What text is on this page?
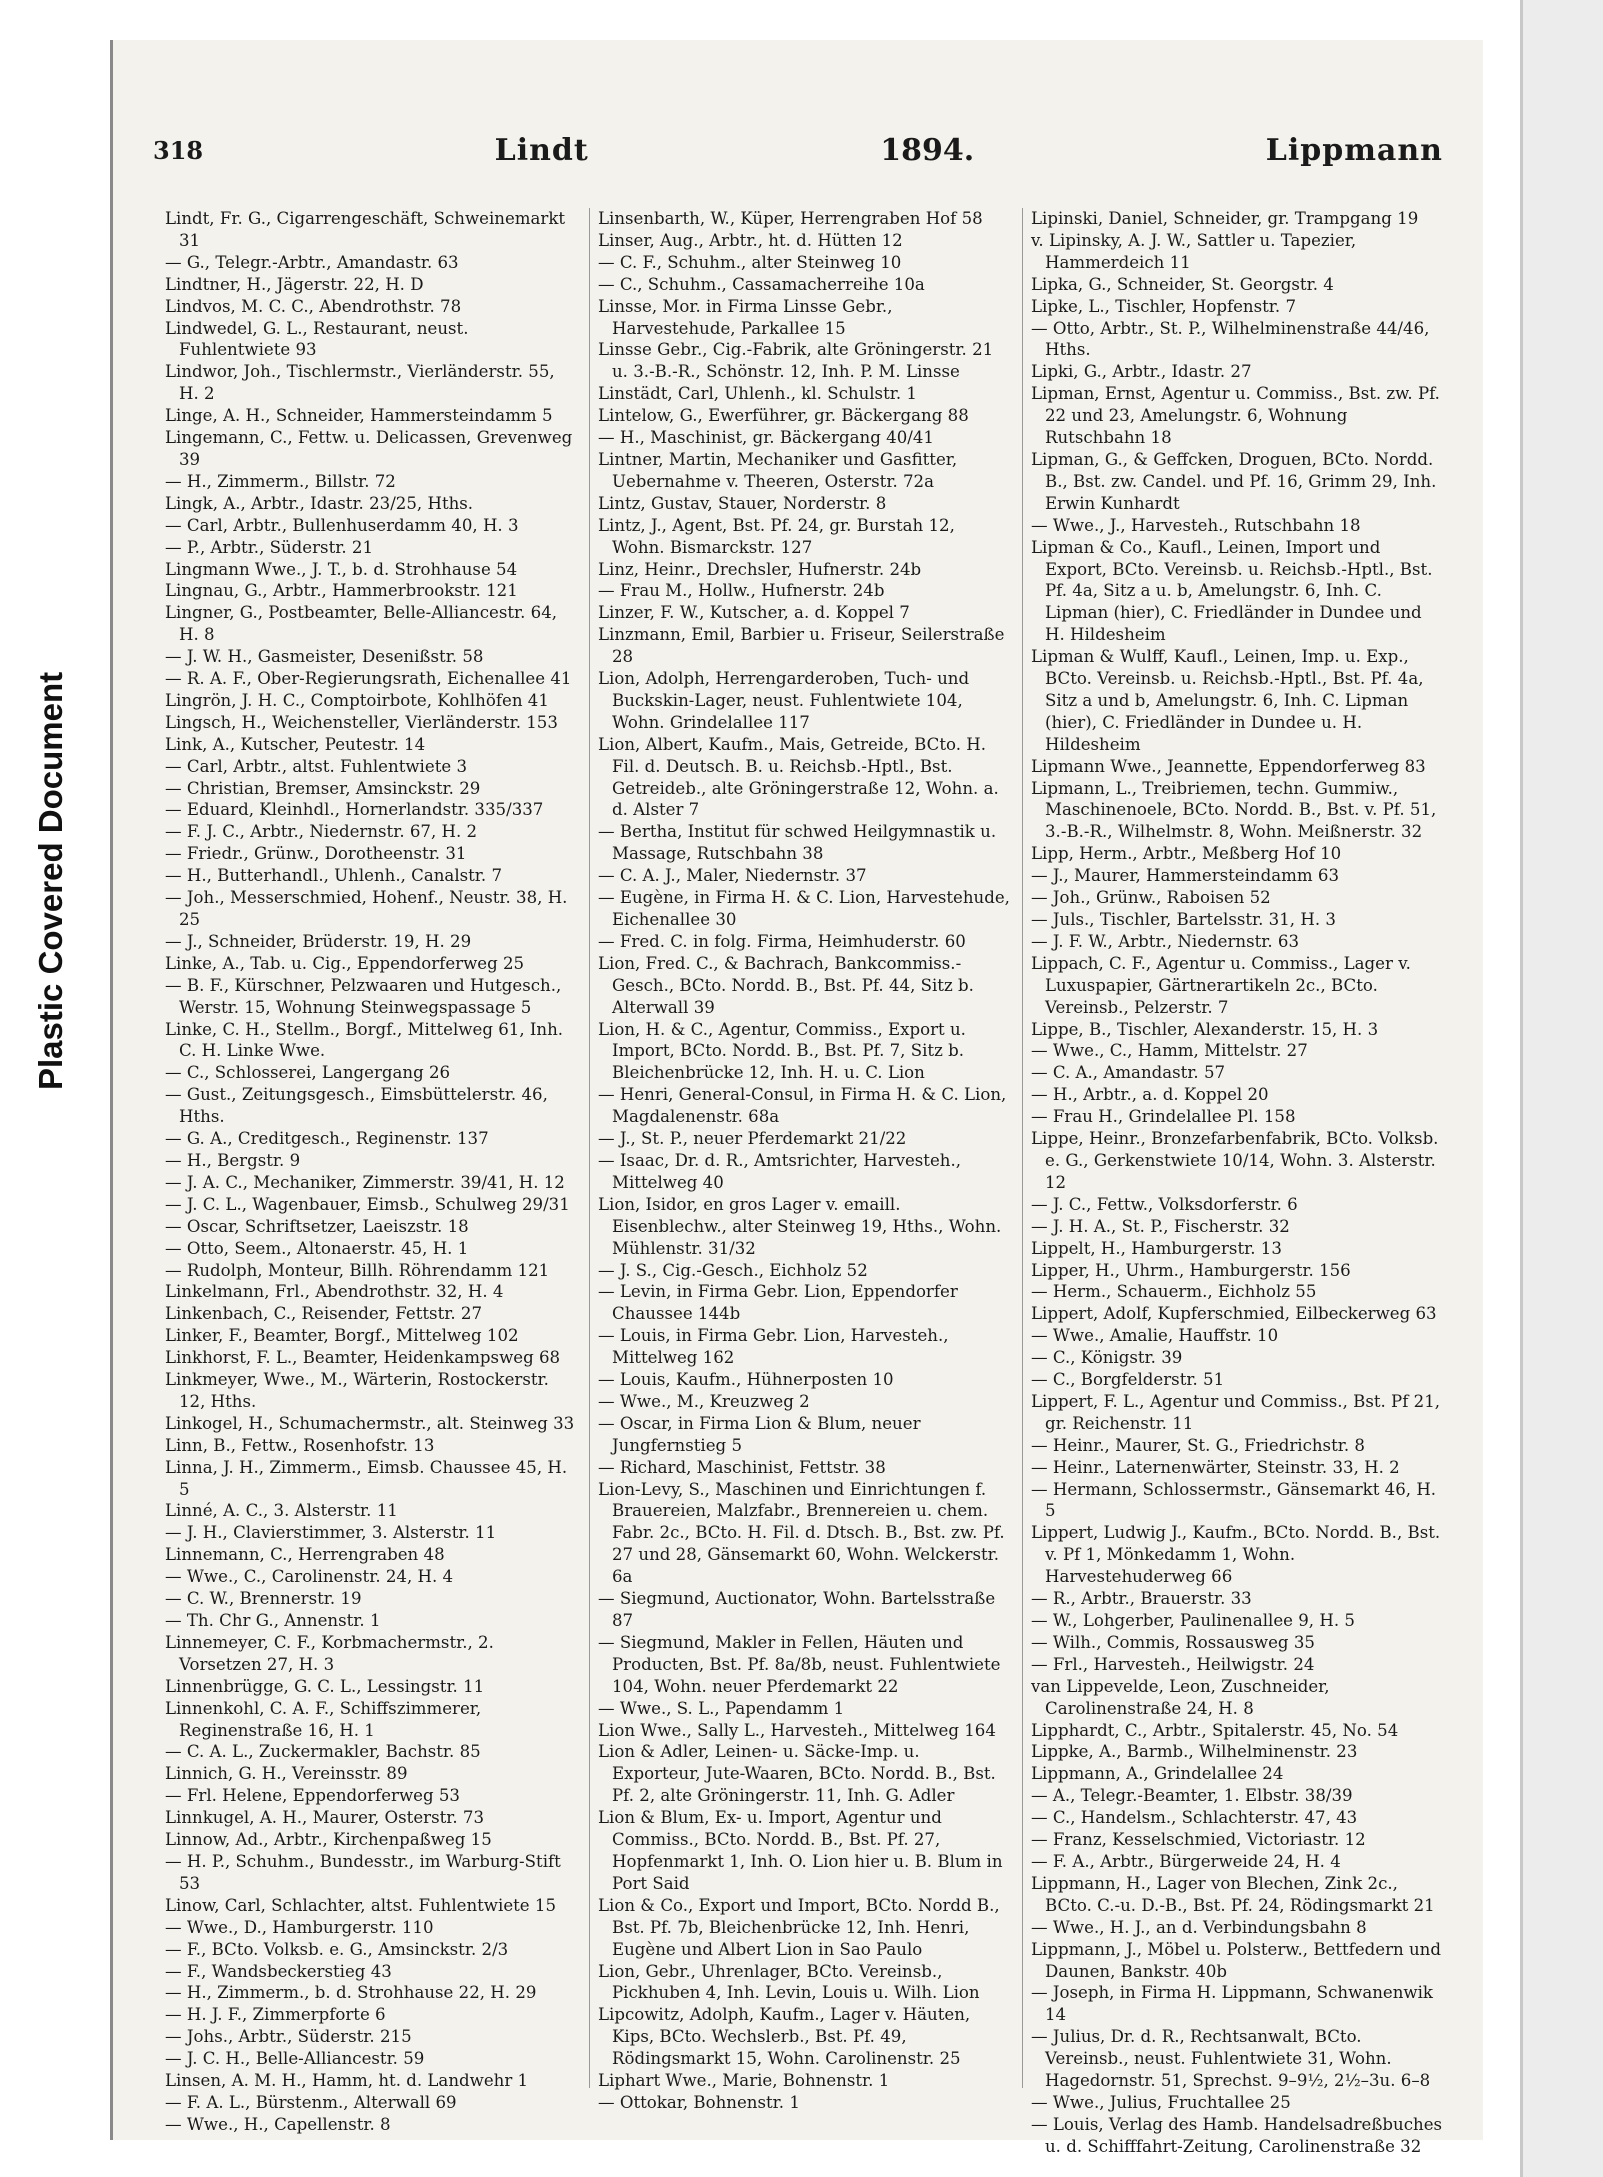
Plastic Covered Document
318	Lindt	1894.	Lippmann

Lindt, Fr. G., Cigarrengeschäft, Schweinemarkt 31

— G., Telegr.-Arbtr., Amandastr. 63

Lindtner, H., Jägerstr. 22, H. D

Lindvos, M. C. C., Abendrothstr. 78

Lindwedel, G. L., Restaurant, neust. Fuhlentwiete 93

Lindwor, Joh., Tischlermstr., Vierländerstr. 55, H. 2

Linge, A. H., Schneider, Hammersteindamm 5

Lingemann, C., Fettw. u. Delicassen, Grevenweg 39

— H., Zimmerm., Billstr. 72

Lingk, A., Arbtr., Idastr. 23/25, Hths.

— Carl, Arbtr., Bullenhuserdamm 40, H. 3

— P., Arbtr., Süderstr. 21

Lingmann Wwe., J. T., b. d. Strohhause 54

Lingnau, G., Arbtr., Hammerbrookstr. 121

Lingner, G., Postbeamter, Belle-Alliancestr. 64, H. 8

— J. W. H., Gasmeister, Desenißstr. 58

— R. A. F., Ober-Regierungsrath, Eichenallee 41

Lingrön, J. H. C., Comptoirbote, Kohlhöfen 41

Lingsch, H., Weichensteller, Vierländerstr. 153

Link, A., Kutscher, Peutestr. 14

— Carl, Arbtr., altst. Fuhlentwiete 3

— Christian, Bremser, Amsinckstr. 29

— Eduard, Kleinhdl., Hornerlandstr. 335/337

— F. J. C., Arbtr., Niedernstr. 67, H. 2

— Friedr., Grünw., Dorotheenstr. 31

— H., Butterhandl., Uhlenh., Canalstr. 7

— Joh., Messerschmied, Hohenf., Neustr. 38, H. 25

— J., Schneider, Brüderstr. 19, H. 29

Linke, A., Tab. u. Cig., Eppendorferweg 25

— B. F., Kürschner, Pelzwaaren und Hutgesch., Werstr. 15, Wohnung Steinwegspassage 5

Linke, C. H., Stellm., Borgf., Mittelweg 61, Inh. C. H. Linke Wwe.

— C., Schlosserei, Langergang 26

— Gust., Zeitungsgesch., Eimsbüttelerstr. 46, Hths.

— G. A., Creditgesch., Reginenstr. 137

— H., Bergstr. 9

— J. A. C., Mechaniker, Zimmerstr. 39/41, H. 12

— J. C. L., Wagenbauer, Eimsb., Schulweg 29/31

— Oscar, Schriftsetzer, Laeiszstr. 18

— Otto, Seem., Altonaerstr. 45, H. 1

— Rudolph, Monteur, Billh. Röhrendamm 121

Linkelmann, Frl., Abendrothstr. 32, H. 4

Linkenbach, C., Reisender, Fettstr. 27

Linker, F., Beamter, Borgf., Mittelweg 102

Linkhorst, F. L., Beamter, Heidenkampsweg 68

Linkmeyer, Wwe., M., Wärterin, Rostockerstr. 12, Hths.

Linkogel, H., Schumachermstr., alt. Steinweg 33

Linn, B., Fettw., Rosenhofstr. 13

Linna, J. H., Zimmerm., Eimsb. Chaussee 45, H. 5

Linné, A. C., 3. Alsterstr. 11

— J. H., Clavierstimmer, 3. Alsterstr. 11

Linnemann, C., Herrengraben 48

— Wwe., C., Carolinenstr. 24, H. 4

— C. W., Brennerstr. 19

— Th. Chr G., Annenstr. 1

Linnemeyer, C. F., Korbmachermstr., 2. Vorsetzen 27, H. 3

Linnenbrügge, G. C. L., Lessingstr. 11

Linnenkohl, C. A. F., Schiffszimmerer, Reginenstraße 16, H. 1

— C. A. L., Zuckermakler, Bachstr. 85

Linnich, G. H., Vereinsstr. 89

— Frl. Helene, Eppendorferweg 53

Linnkugel, A. H., Maurer, Osterstr. 73

Linnow, Ad., Arbtr., Kirchenpaßweg 15

— H. P., Schuhm., Bundesstr., im Warburg-Stift 53

Linow, Carl, Schlachter, altst. Fuhlentwiete 15

— Wwe., D., Hamburgerstr. 110

— F., BCto. Volksb. e. G., Amsinckstr. 2/3

— F., Wandsbeckerstieg 43

— H., Zimmerm., b. d. Strohhause 22, H. 29

— H. J. F., Zimmerpforte 6

— Johs., Arbtr., Süderstr. 215

— J. C. H., Belle-Alliancestr. 59

Linsen, A. M. H., Hamm, ht. d. Landwehr 1

— F. A. L., Bürstenm., Alterwall 69

— Wwe., H., Capellenstr. 8

Linsenbarth, W., Küper, Herrengraben Hof 58

Linser, Aug., Arbtr., ht. d. Hütten 12

— C. F., Schuhm., alter Steinweg 10

— C., Schuhm., Cassamacherreihe 10a

Linsse, Mor. in Firma Linsse Gebr., Harvestehude, Parkallee 15

Linsse Gebr., Cig.-Fabrik, alte Gröningerstr. 21 u. 3.-B.-R., Schönstr. 12, Inh. P. M. Linsse

Linstädt, Carl, Uhlenh., kl. Schulstr. 1

Lintelow, G., Ewerführer, gr. Bäckergang 88

— H., Maschinist, gr. Bäckergang 40/41

Lintner, Martin, Mechaniker und Gasfitter, Uebernahme v. Theeren, Osterstr. 72a

Lintz, Gustav, Stauer, Norderstr. 8

Lintz, J., Agent, Bst. Pf. 24, gr. Burstah 12, Wohn. Bismarckstr. 127

Linz, Heinr., Drechsler, Hufnerstr. 24b

— Frau M., Hollw., Hufnerstr. 24b

Linzer, F. W., Kutscher, a. d. Koppel 7

Linzmann, Emil, Barbier u. Friseur, Seilerstraße 28

Lion, Adolph, Herrengarderoben, Tuch- und Buckskin-Lager, neust. Fuhlentwiete 104, Wohn. Grindelallee 117

Lion, Albert, Kaufm., Mais, Getreide, BCto. H. Fil. d. Deutsch. B. u. Reichsb.-Hptl., Bst. Getreideb., alte Gröningerstraße 12, Wohn. a. d. Alster 7

— Bertha, Institut für schwed Heilgymnastik u. Massage, Rutschbahn 38

— C. A. J., Maler, Niedernstr. 37

— Eugène, in Firma H. & C. Lion, Harvestehude, Eichenallee 30

— Fred. C. in folg. Firma, Heimhuderstr. 60

Lion, Fred. C., & Bachrach, Bankcommiss.-Gesch., BCto. Nordd. B., Bst. Pf. 44, Sitz b. Alterwall 39

Lion, H. & C., Agentur, Commiss., Export u. Import, BCto. Nordd. B., Bst. Pf. 7, Sitz b. Bleichenbrücke 12, Inh. H. u. C. Lion

— Henri, General-Consul, in Firma H. & C. Lion, Magdalenenstr. 68a

— J., St. P., neuer Pferdemarkt 21/22

— Isaac, Dr. d. R., Amtsrichter, Harvesteh., Mittelweg 40

Lion, Isidor, en gros Lager v. emaill. Eisenblechw., alter Steinweg 19, Hths., Wohn. Mühlenstr. 31/32

— J. S., Cig.-Gesch., Eichholz 52

— Levin, in Firma Gebr. Lion, Eppendorfer Chaussee 144b

— Louis, in Firma Gebr. Lion, Harvesteh., Mittelweg 162

— Louis, Kaufm., Hühnerposten 10

— Wwe., M., Kreuzweg 2

— Oscar, in Firma Lion & Blum, neuer Jungfernstieg 5

— Richard, Maschinist, Fettstr. 38

Lion-Levy, S., Maschinen und Einrichtungen f. Brauereien, Malzfabr., Brennereien u. chem. Fabr. 2c., BCto. H. Fil. d. Dtsch. B., Bst. zw. Pf. 27 und 28, Gänsemarkt 60, Wohn. Welckerstr. 6a

— Siegmund, Auctionator, Wohn. Bartelsstraße 87

— Siegmund, Makler in Fellen, Häuten und Producten, Bst. Pf. 8a/8b, neust. Fuhlentwiete 104, Wohn. neuer Pferdemarkt 22

— Wwe., S. L., Papendamm 1

Lion Wwe., Sally L., Harvesteh., Mittelweg 164

Lion & Adler, Leinen- u. Säcke-Imp. u. Exporteur, Jute-Waaren, BCto. Nordd. B., Bst. Pf. 2, alte Gröningerstr. 11, Inh. G. Adler

Lion & Blum, Ex- u. Import, Agentur und Commiss., BCto. Nordd. B., Bst. Pf. 27, Hopfenmarkt 1, Inh. O. Lion hier u. B. Blum in Port Said

Lion & Co., Export und Import, BCto. Nordd B., Bst. Pf. 7b, Bleichenbrücke 12, Inh. Henri, Eugène und Albert Lion in Sao Paulo

Lion, Gebr., Uhrenlager, BCto. Vereinsb., Pickhuben 4, Inh. Levin, Louis u. Wilh. Lion

Lipcowitz, Adolph, Kaufm., Lager v. Häuten, Kips, BCto. Wechslerb., Bst. Pf. 49, Rödingsmarkt 15, Wohn. Carolinenstr. 25

Liphart Wwe., Marie, Bohnenstr. 1

— Ottokar, Bohnenstr. 1

Lipinski, Daniel, Schneider, gr. Trampgang 19

v. Lipinsky, A. J. W., Sattler u. Tapezier, Hammerdeich 11

Lipka, G., Schneider, St. Georgstr. 4

Lipke, L., Tischler, Hopfenstr. 7

— Otto, Arbtr., St. P., Wilhelminenstraße 44/46, Hths.

Lipki, G., Arbtr., Idastr. 27

Lipman, Ernst, Agentur u. Commiss., Bst. zw. Pf. 22 und 23, Amelungstr. 6, Wohnung Rutschbahn 18

Lipman, G., & Geffcken, Droguen, BCto. Nordd. B., Bst. zw. Candel. und Pf. 16, Grimm 29, Inh. Erwin Kunhardt

— Wwe., J., Harvesteh., Rutschbahn 18

Lipman & Co., Kaufl., Leinen, Import und Export, BCto. Vereinsb. u. Reichsb.-Hptl., Bst. Pf. 4a, Sitz a u. b, Amelungstr. 6, Inh. C. Lipman (hier), C. Friedländer in Dundee und H. Hildesheim

Lipman & Wulff, Kaufl., Leinen, Imp. u. Exp., BCto. Vereinsb. u. Reichsb.-Hptl., Bst. Pf. 4a, Sitz a und b, Amelungstr. 6, Inh. C. Lipman (hier), C. Friedländer in Dundee u. H. Hildesheim

Lipmann Wwe., Jeannette, Eppendorferweg 83

Lipmann, L., Treibriemen, techn. Gummiw., Maschinenoele, BCto. Nordd. B., Bst. v. Pf. 51, 3.-B.-R., Wilhelmstr. 8, Wohn. Meißnerstr. 32

Lipp, Herm., Arbtr., Meßberg Hof 10

— J., Maurer, Hammersteindamm 63

— Joh., Grünw., Raboisen 52

— Juls., Tischler, Bartelsstr. 31, H. 3

— J. F. W., Arbtr., Niedernstr. 63

Lippach, C. F., Agentur u. Commiss., Lager v. Luxuspapier, Gärtnerartikeln 2c., BCto. Vereinsb., Pelzerstr. 7

Lippe, B., Tischler, Alexanderstr. 15, H. 3

— Wwe., C., Hamm, Mittelstr. 27

— C. A., Amandastr. 57

— H., Arbtr., a. d. Koppel 20

— Frau H., Grindelallee Pl. 158

Lippe, Heinr., Bronzefarbenfabrik, BCto. Volksb. e. G., Gerkenstwiete 10/14, Wohn. 3. Alsterstr. 12

— J. C., Fettw., Volksdorferstr. 6

— J. H. A., St. P., Fischerstr. 32

Lippelt, H., Hamburgerstr. 13

Lipper, H., Uhrm., Hamburgerstr. 156

— Herm., Schauerm., Eichholz 55

Lippert, Adolf, Kupferschmied, Eilbeckerweg 63

— Wwe., Amalie, Hauffstr. 10

— C., Königstr. 39

— C., Borgfelderstr. 51

Lippert, F. L., Agentur und Commiss., Bst. Pf 21, gr. Reichenstr. 11

— Heinr., Maurer, St. G., Friedrichstr. 8

— Heinr., Laternenwärter, Steinstr. 33, H. 2

— Hermann, Schlossermstr., Gänsemarkt 46, H. 5

Lippert, Ludwig J., Kaufm., BCto. Nordd. B., Bst. v. Pf 1, Mönkedamm 1, Wohn. Harvestehuderweg 66

— R., Arbtr., Brauerstr. 33

— W., Lohgerber, Paulinenallee 9, H. 5

— Wilh., Commis, Rossausweg 35

— Frl., Harvesteh., Heilwigstr. 24

van Lippevelde, Leon, Zuschneider, Carolinenstraße 24, H. 8

Lipphardt, C., Arbtr., Spitalerstr. 45, No. 54

Lippke, A., Barmb., Wilhelminenstr. 23

Lippmann, A., Grindelallee 24

— A., Telegr.-Beamter, 1. Elbstr. 38/39

— C., Handelsm., Schlachterstr. 47, 43

— Franz, Kesselschmied, Victoriastr. 12

— F. A., Arbtr., Bürgerweide 24, H. 4

Lippmann, H., Lager von Blechen, Zink 2c., BCto. C.-u. D.-B., Bst. Pf. 24, Rödingsmarkt 21

— Wwe., H. J., an d. Verbindungsbahn 8

Lippmann, J., Möbel u. Polsterw., Bettfedern und Daunen, Bankstr. 40b

— Joseph, in Firma H. Lippmann, Schwanenwik 14

— Julius, Dr. d. R., Rechtsanwalt, BCto. Vereinsb., neust. Fuhlentwiete 31, Wohn. Hagedornstr. 51, Sprechst. 9–9½, 2½–3u. 6–8

— Wwe., Julius, Fruchtallee 25

— Louis, Verlag des Hamb. Handelsadreßbuches u. d. Schifffahrt-Zeitung, Carolinenstraße 32
